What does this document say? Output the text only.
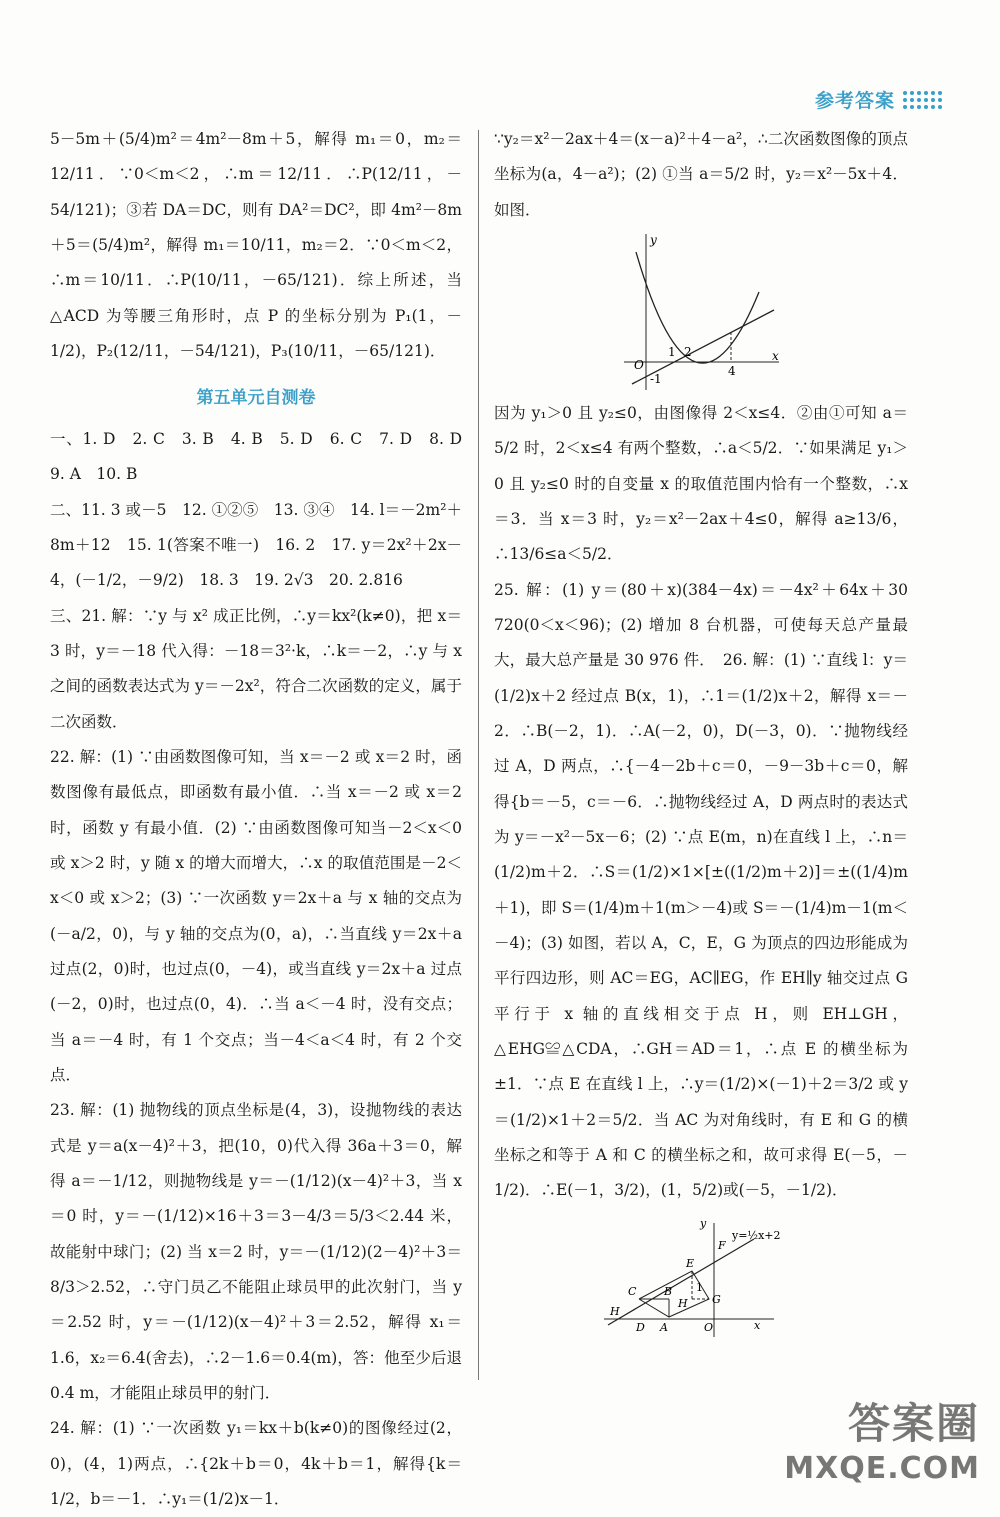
参考答案

5－5m＋(5/4)m²＝4m²－8m＋5，解得 m₁＝0，m₂＝12/11．∵0＜m＜2，∴m＝12/11．∴P(12/11，－54/121)；③若 DA＝DC，则有 DA²＝DC²，即 4m²－8m＋5＝(5/4)m²，解得 m₁＝10/11，m₂＝2．∵0＜m＜2，∴m＝10/11．∴P(10/11，－65/121)．综上所述，当△ACD 为等腰三角形时，点 P 的坐标分别为 P₁(1，－1/2)，P₂(12/11，－54/121)，P₃(10/11，－65/121)．

第五单元自测卷

一、1. D　2. C　3. B　4. B　5. D　6. C　7. D　8. D　9. A　10. B

二、11. 3 或－5　12. ①②⑤　13. ③④　14. l＝－2m²＋8m＋12　15. 1(答案不唯一)　16. 2　17. y＝2x²＋2x－4，(－1/2，－9/2)　18. 3　19. 2√3　20. 2.816

三、21. 解：∵y 与 x² 成正比例，∴y＝kx²(k≠0)，把 x＝3 时，y＝－18 代入得：－18＝3²·k，∴k＝－2，∴y 与 x 之间的函数表达式为 y＝－2x²，符合二次函数的定义，属于二次函数．

22. 解：(1) ∵由函数图像可知，当 x＝－2 或 x＝2 时，函数图像有最低点，即函数有最小值．∴当 x＝－2 或 x＝2 时，函数 y 有最小值．(2) ∵由函数图像可知当－2＜x＜0 或 x＞2 时，y 随 x 的增大而增大，∴x 的取值范围是－2＜x＜0 或 x＞2；(3) ∵一次函数 y＝2x＋a 与 x 轴的交点为(－a/2，0)，与 y 轴的交点为(0，a)，∴当直线 y＝2x＋a 过点(2，0)时，也过点(0，－4)，或当直线 y＝2x＋a 过点(－2，0)时，也过点(0，4)．∴当 a＜－4 时，没有交点；当 a＝－4 时，有 1 个交点；当－4＜a＜4 时，有 2 个交点．

23. 解：(1) 抛物线的顶点坐标是(4，3)，设抛物线的表达式是 y＝a(x－4)²＋3，把(10，0)代入得 36a＋3＝0，解得 a＝－1/12，则抛物线是 y＝－(1/12)(x－4)²＋3，当 x＝0 时，y＝－(1/12)×16＋3＝3－4/3＝5/3＜2.44 米，故能射中球门；(2) 当 x＝2 时，y＝－(1/12)(2－4)²＋3＝8/3＞2.52，∴守门员乙不能阻止球员甲的此次射门，当 y＝2.52 时，y＝－(1/12)(x－4)²＋3＝2.52，解得 x₁＝1.6，x₂＝6.4(舍去)，∴2－1.6＝0.4(m)，答：他至少后退 0.4 m，才能阻止球员甲的射门．

24. 解：(1) ∵一次函数 y₁＝kx＋b(k≠0)的图像经过(2，0)，(4，1)两点，∴{2k＋b＝0，4k＋b＝1，解得{k＝1/2，b＝－1．∴y₁＝(1/2)x－1．

∵y₂＝x²－2ax＋4＝(x－a)²＋4－a²，∴二次函数图像的顶点坐标为(a，4－a²)；(2) ①当 a＝5/2 时，y₂＝x²－5x＋4．如图．

O
y
x
1 2
4
-1

因为 y₁＞0 且 y₂≤0，由图像得 2＜x≤4．②由①可知 a＝5/2 时，2＜x≤4 有两个整数，∴a＜5/2．∵如果满足 y₁＞0 且 y₂≤0 时的自变量 x 的取值范围内恰有一个整数，∴x＝3．当 x＝3 时，y₂＝x²－2ax＋4≤0，解得 a≥13/6，∴13/6≤a＜5/2．

25. 解：(1) y＝(80＋x)(384－4x)＝－4x²＋64x＋30 720(0＜x＜96)；(2) 增加 8 台机器，可使每天总产量最大，最大总产量是 30 976 件．　26. 解：(1) ∵直线 l：y＝(1/2)x＋2 经过点 B(x，1)，∴1＝(1/2)x＋2，解得 x＝－2．∴B(－2，1)．∴A(－2，0)，D(－3，0)．∵抛物线经过 A，D 两点，∴{－4－2b＋c＝0，－9－3b＋c＝0，解得{b＝－5，c＝－6．∴抛物线经过 A，D 两点时的表达式为 y＝－x²－5x－6；(2) ∵点 E(m，n)在直线 l 上，∴n＝(1/2)m＋2．∴S＝(1/2)×1×[±((1/2)m＋2)]＝±((1/4)m＋1)，即 S＝(1/4)m＋1(m＞－4)或 S＝－(1/4)m－1(m＜－4)；(3) 如图，若以 A，C，E，G 为顶点的四边形能成为平行四边形，则 AC＝EG，AC∥EG，作 EH∥y 轴交过点 G 平行于 x 轴的直线相交于点 H，则 EH⊥GH，△EHG≌△CDA，∴GH＝AD＝1，∴点 E 的横坐标为±1．∵点 E 在直线 l 上，∴y＝(1/2)×(－1)＋2＝3/2 或 y＝(1/2)×1＋2＝5/2．当 AC 为对角线时，有 E 和 G 的横坐标之和等于 A 和 C 的横坐标之和，故可求得 E(－5，－1/2)．∴E(－1，3/2)，(1，5/2)或(－5，－1/2)．

y
x
O
y=½x+2
F
E
C	B
H
H
G
D A
1
答案圈
MXQE.COM
